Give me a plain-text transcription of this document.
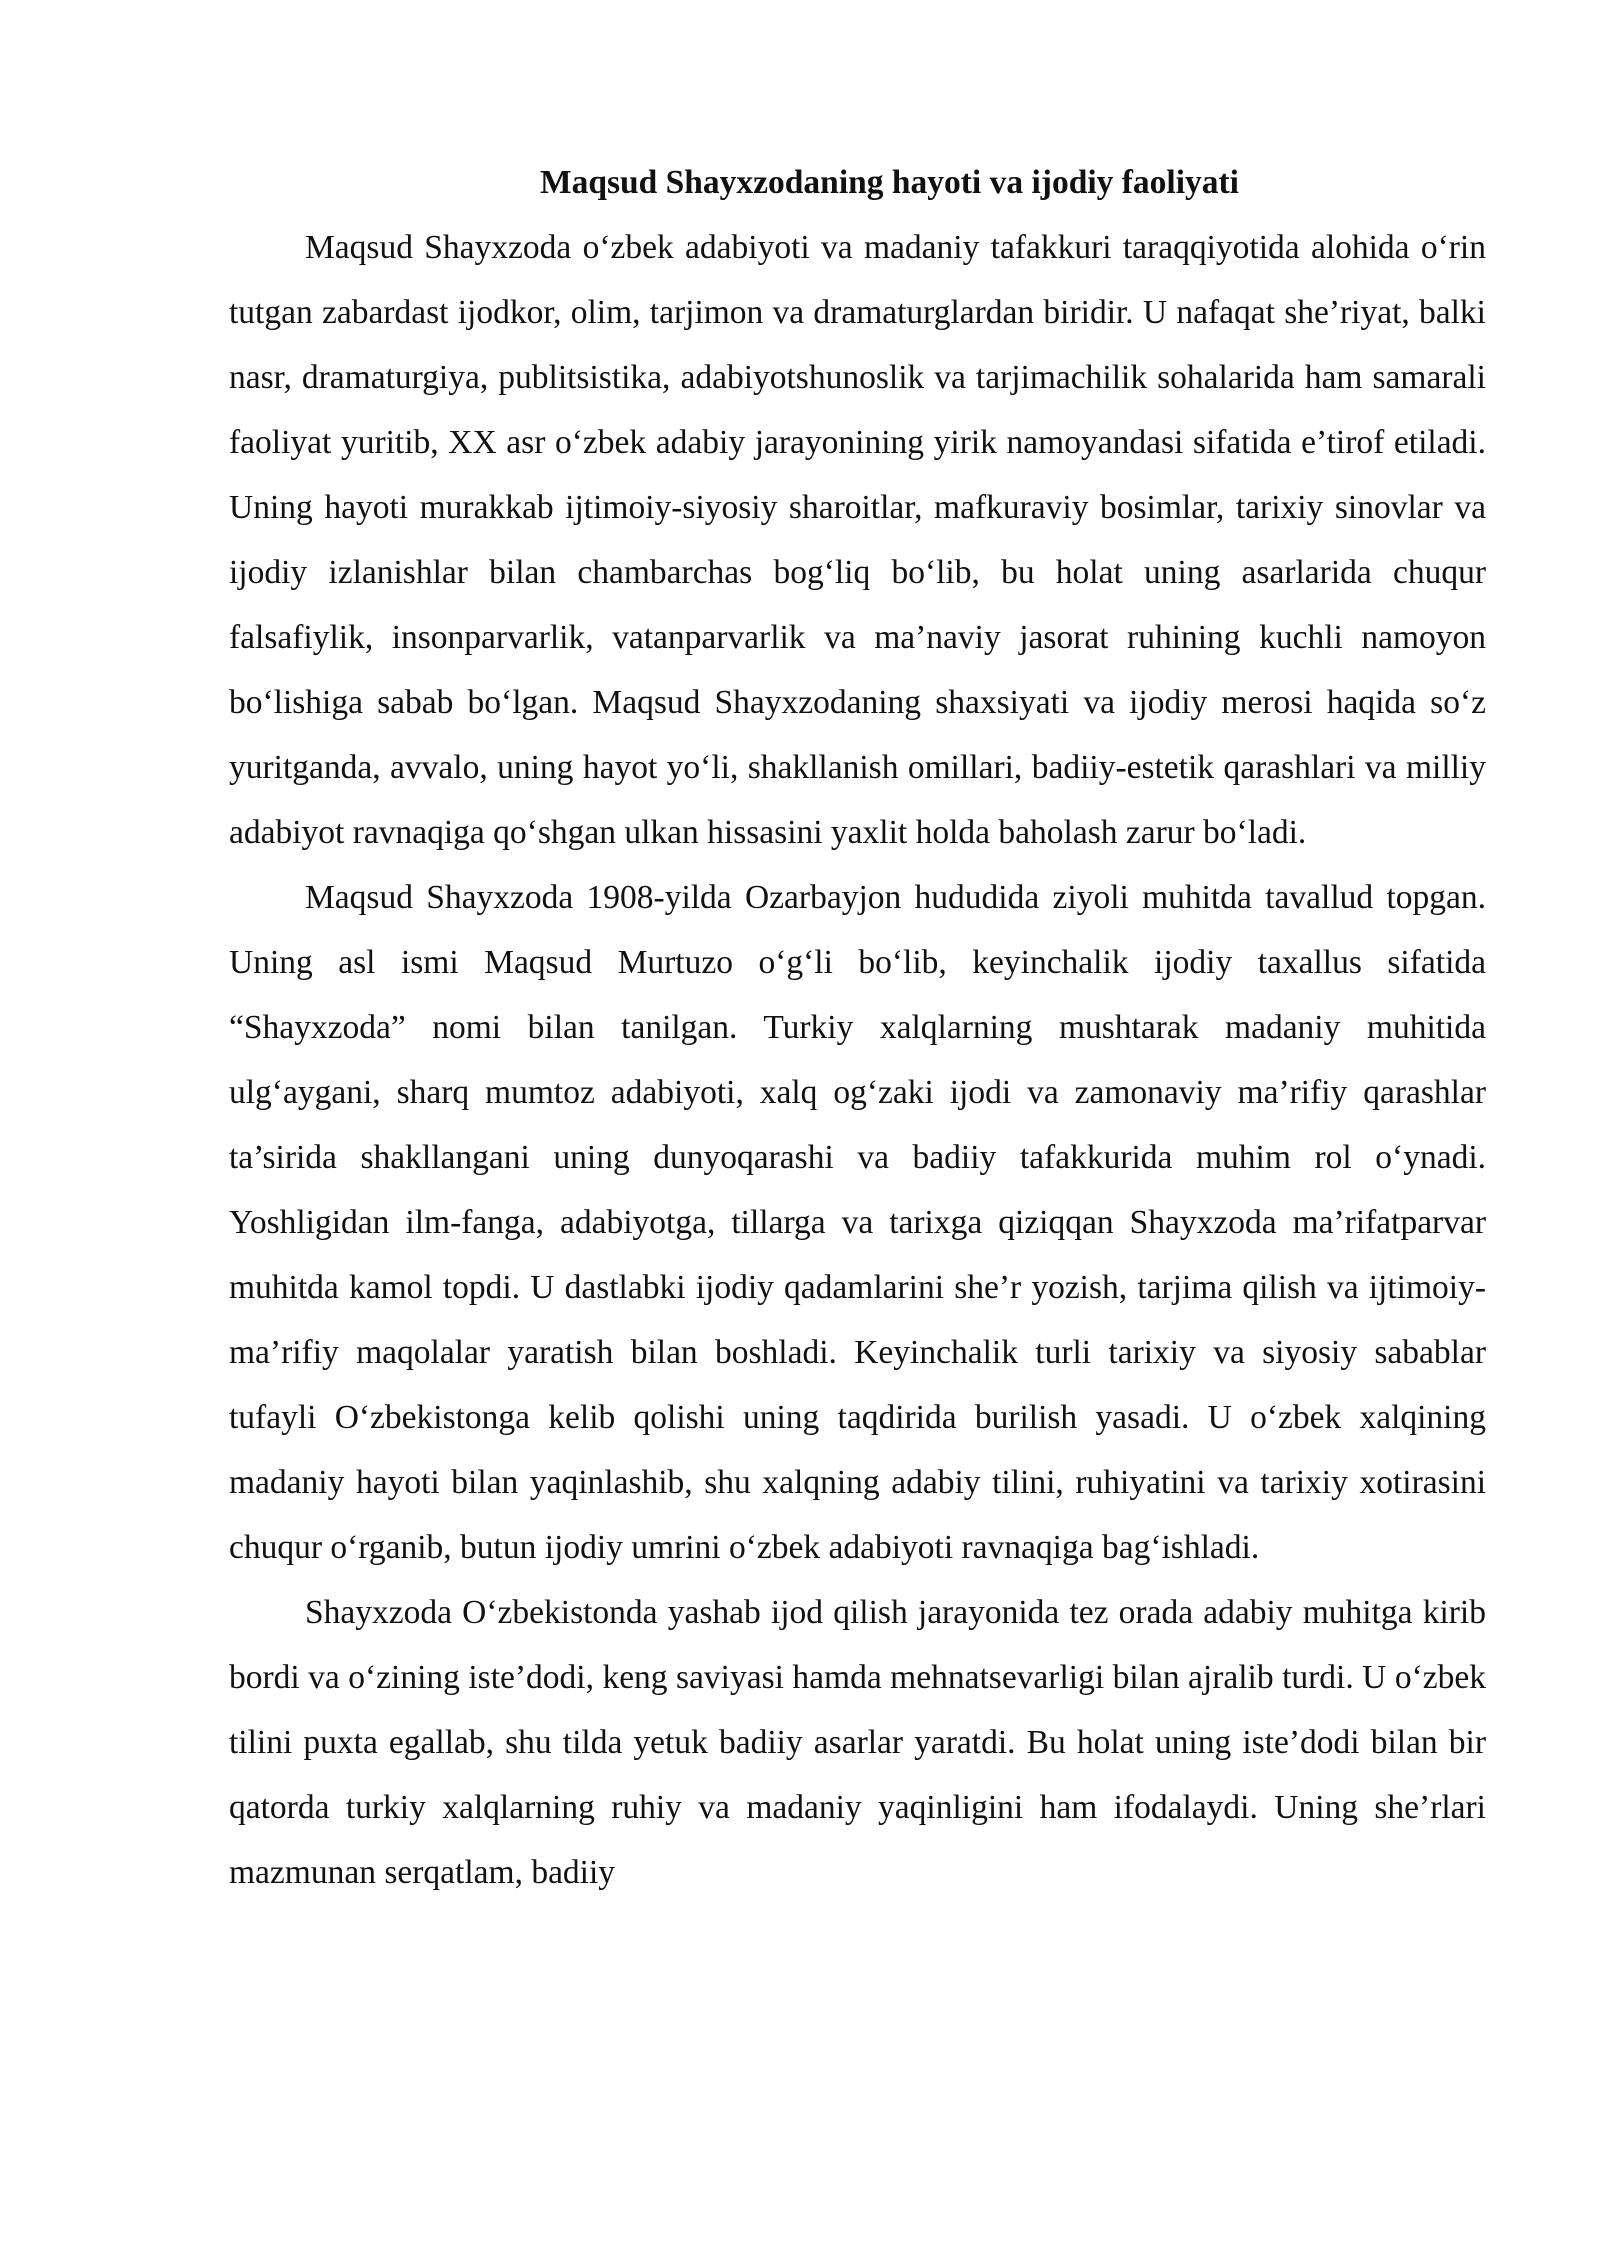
Maqsud Shayxzodaning hayoti va ijodiy faoliyati

Maqsud Shayxzoda o‘zbek adabiyoti va madaniy tafakkuri taraqqiyotida alohida o‘rin tutgan zabardast ijodkor, olim, tarjimon va dramaturglardan biridir. U nafaqat she’riyat, balki nasr, dramaturgiya, publitsistika, adabiyotshunoslik va tarjimachilik sohalarida ham samarali faoliyat yuritib, XX asr o‘zbek adabiy jarayonining yirik namoyandasi sifatida e’tirof etiladi. Uning hayoti murakkab ijtimoiy-siyosiy sharoitlar, mafkuraviy bosimlar, tarixiy sinovlar va ijodiy izlanishlar bilan chambarchas bog‘liq bo‘lib, bu holat uning asarlarida chuqur falsafiylik, insonparvarlik, vatanparvarlik va ma’naviy jasorat ruhining kuchli namoyon bo‘lishiga sabab bo‘lgan. Maqsud Shayxzodaning shaxsiyati va ijodiy merosi haqida so‘z yuritganda, avvalo, uning hayot yo‘li, shakllanish omillari, badiiy-estetik qarashlari va milliy adabiyot ravnaqiga qo‘shgan ulkan hissasini yaxlit holda baholash zarur bo‘ladi.

Maqsud Shayxzoda 1908-yilda Ozarbayjon hududida ziyoli muhitda tavallud topgan. Uning asl ismi Maqsud Murtuzo o‘g‘li bo‘lib, keyinchalik ijodiy taxallus sifatida “Shayxzoda” nomi bilan tanilgan. Turkiy xalqlarning mushtarak madaniy muhitida ulg‘aygani, sharq mumtoz adabiyoti, xalq og‘zaki ijodi va zamonaviy ma’rifiy qarashlar ta’sirida shakllangani uning dunyoqarashi va badiiy tafakkurida muhim rol o‘ynadi. Yoshligidan ilm-fanga, adabiyotga, tillarga va tarixga qiziqqan Shayxzoda ma’rifatparvar muhitda kamol topdi. U dastlabki ijodiy qadamlarini she’r yozish, tarjima qilish va ijtimoiy-ma’rifiy maqolalar yaratish bilan boshladi. Keyinchalik turli tarixiy va siyosiy sabablar tufayli O‘zbekistonga kelib qolishi uning taqdirida burilish yasadi. U o‘zbek xalqining madaniy hayoti bilan yaqinlashib, shu xalqning adabiy tilini, ruhiyatini va tarixiy xotirasini chuqur o‘rganib, butun ijodiy umrini o‘zbek adabiyoti ravnaqiga bag‘ishladi.

Shayxzoda O‘zbekistonda yashab ijod qilish jarayonida tez orada adabiy muhitga kirib bordi va o‘zining iste’dodi, keng saviyasi hamda mehnatsevarligi bilan ajralib turdi. U o‘zbek tilini puxta egallab, shu tilda yetuk badiiy asarlar yaratdi. Bu holat uning iste’dodi bilan bir qatorda turkiy xalqlarning ruhiy va madaniy yaqinligini ham ifodalaydi. Uning she’rlari mazmunan serqatlam, badiiy
